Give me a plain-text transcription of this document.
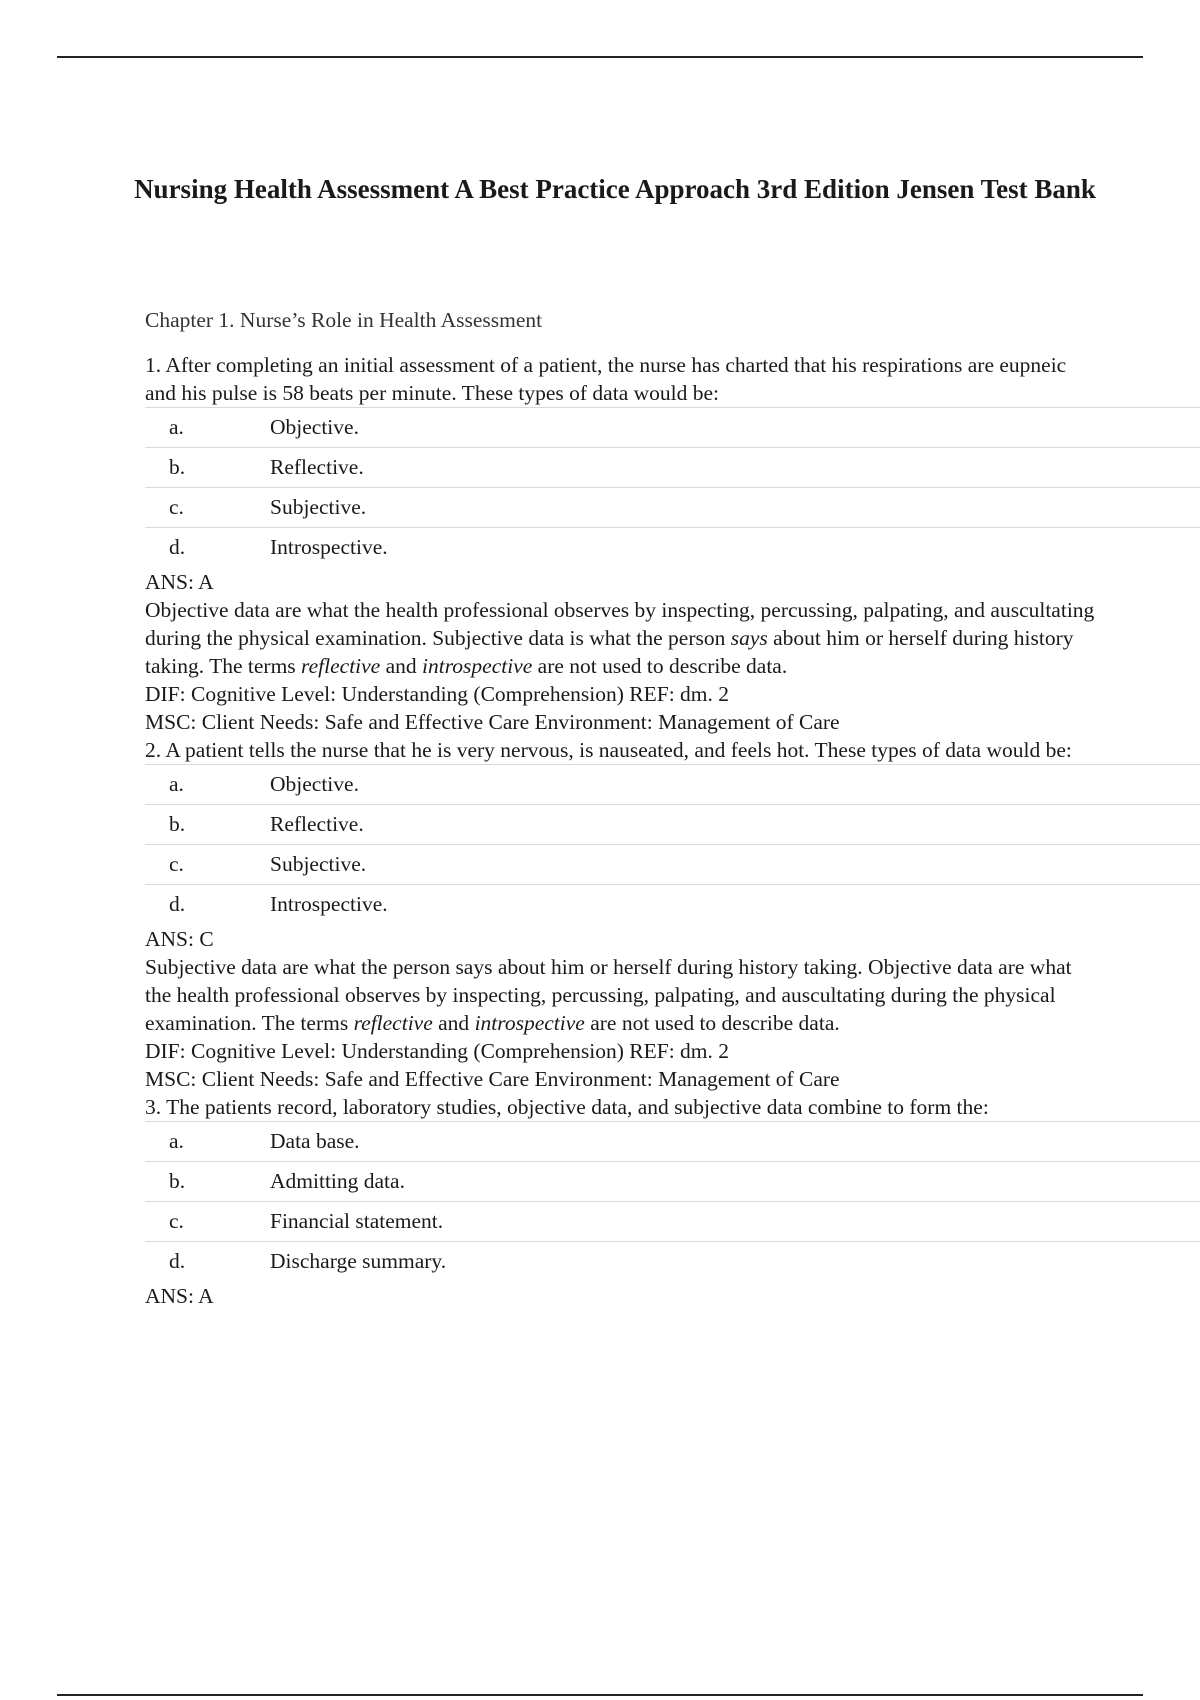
Nursing Health Assessment A Best Practice Approach 3rd Edition Jensen Test Bank

Chapter 1. Nurse’s Role in Health Assessment

1. After completing an initial assessment of a patient, the nurse has charted that his respirations are eupneic and his pulse is 58 beats per minute. These types of data would be:

a.	Objective.
b.	Reflective.
c.	Subjective.
d.	Introspective.

ANS: A

Objective data are what the health professional observes by inspecting, percussing, palpating, and auscultating during the physical examination. Subjective data is what the person says about him or herself during history taking. The terms reflective and introspective are not used to describe data.

DIF: Cognitive Level: Understanding (Comprehension) REF: dm. 2

MSC: Client Needs: Safe and Effective Care Environment: Management of Care

2. A patient tells the nurse that he is very nervous, is nauseated, and feels hot. These types of data would be:

a.	Objective.
b.	Reflective.
c.	Subjective.
d.	Introspective.

ANS: C

Subjective data are what the person says about him or herself during history taking. Objective data are what the health professional observes by inspecting, percussing, palpating, and auscultating during the physical examination. The terms reflective and introspective are not used to describe data.

DIF: Cognitive Level: Understanding (Comprehension) REF: dm. 2

MSC: Client Needs: Safe and Effective Care Environment: Management of Care

3. The patients record, laboratory studies, objective data, and subjective data combine to form the:

a.	Data base.
b.	Admitting data.
c.	Financial statement.
d.	Discharge summary.

ANS: A
